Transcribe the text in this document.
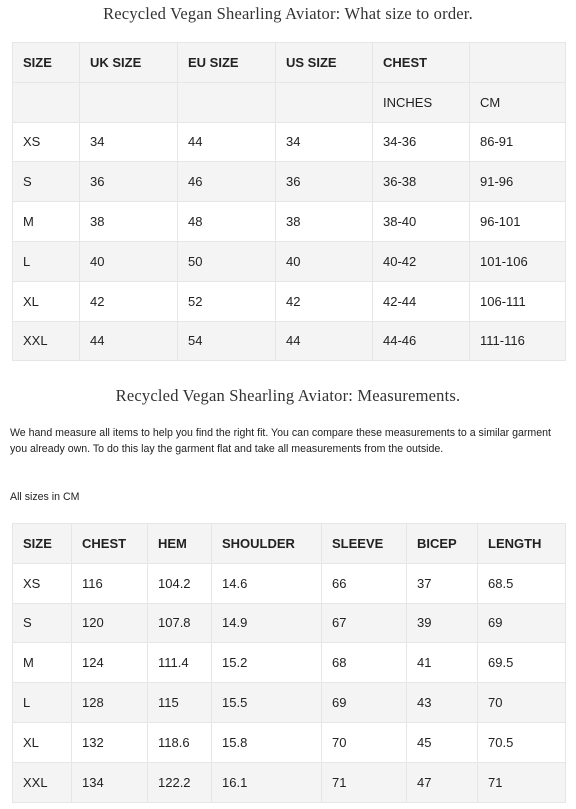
Recycled Vegan Shearling Aviator: What size to order.
SIZE	UK SIZE	EU SIZE	US SIZE	CHEST	
				INCHES	CM
XS	34	44	34	34-36	86-91
S	36	46	36	36-38	91-96
M	38	48	38	38-40	96-101
L	40	50	40	40-42	101-106
XL	42	52	42	42-44	106-111
XXL	44	54	44	44-46	111-116
Recycled Vegan Shearling Aviator: Measurements.
We hand measure all items to help you find the right fit. You can compare these measurements to a similar garment you already own. To do this lay the garment flat and take all measurements from the outside.
All sizes in CM
SIZE	CHEST	HEM	SHOULDER	SLEEVE	BICEP	LENGTH
XS	116	104.2	14.6	66	37	68.5
S	120	107.8	14.9	67	39	69
M	124	111.4	15.2	68	41	69.5
L	128	115	15.5	69	43	70
XL	132	118.6	15.8	70	45	70.5
XXL	134	122.2	16.1	71	47	71
